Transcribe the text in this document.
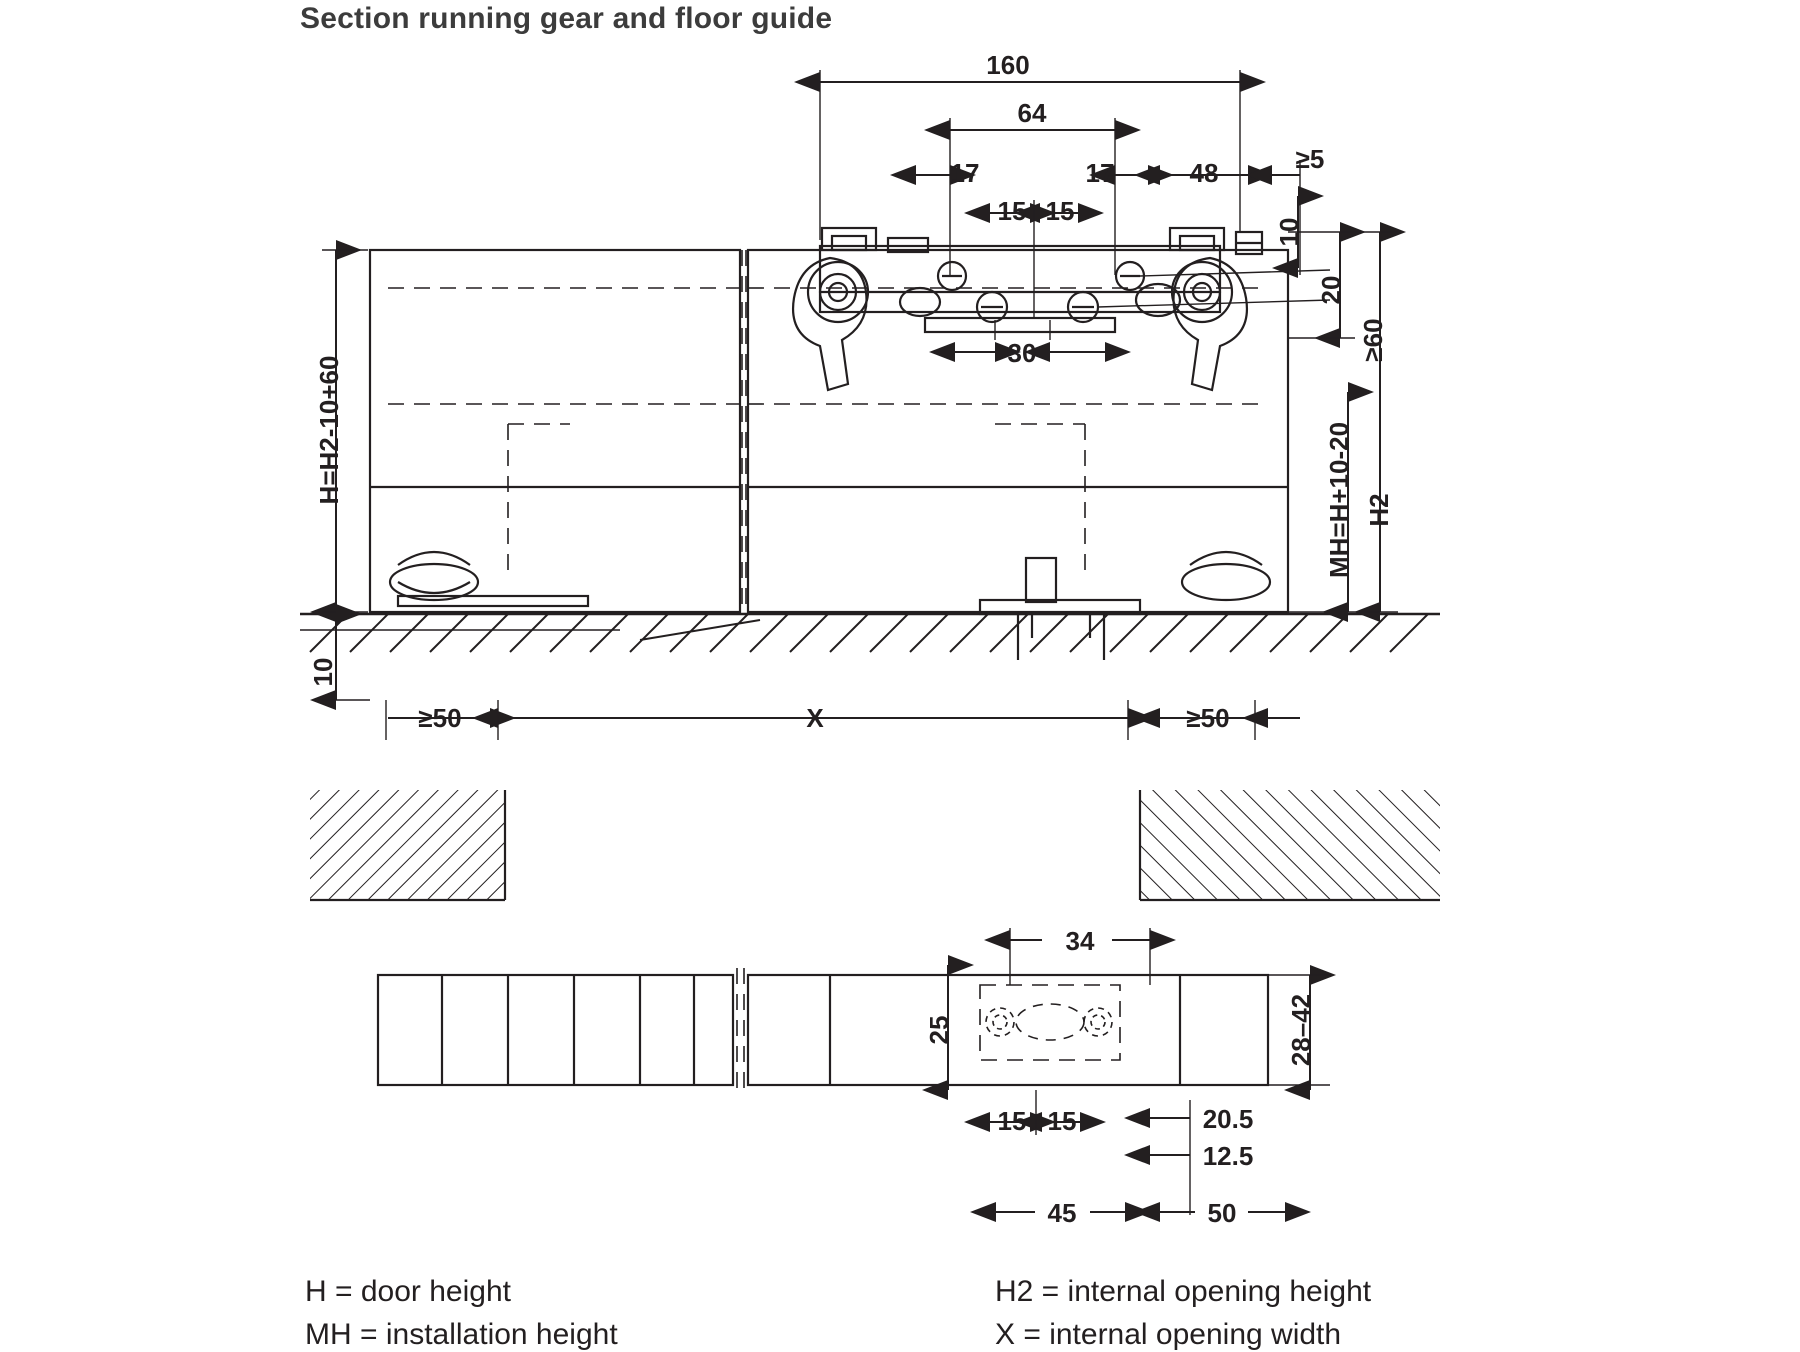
Section running gear and floor guide
160
64
17	17	48	≥5
15 15
30
10
20
≥60
H=H2-10+60	MH=H+10-20 H2
10
≥50	X	≥50
34
25	28–42
15 15	20.5
12.5
45	50
H = door height
MH = installation height
H2 = internal opening height
X = internal opening width
